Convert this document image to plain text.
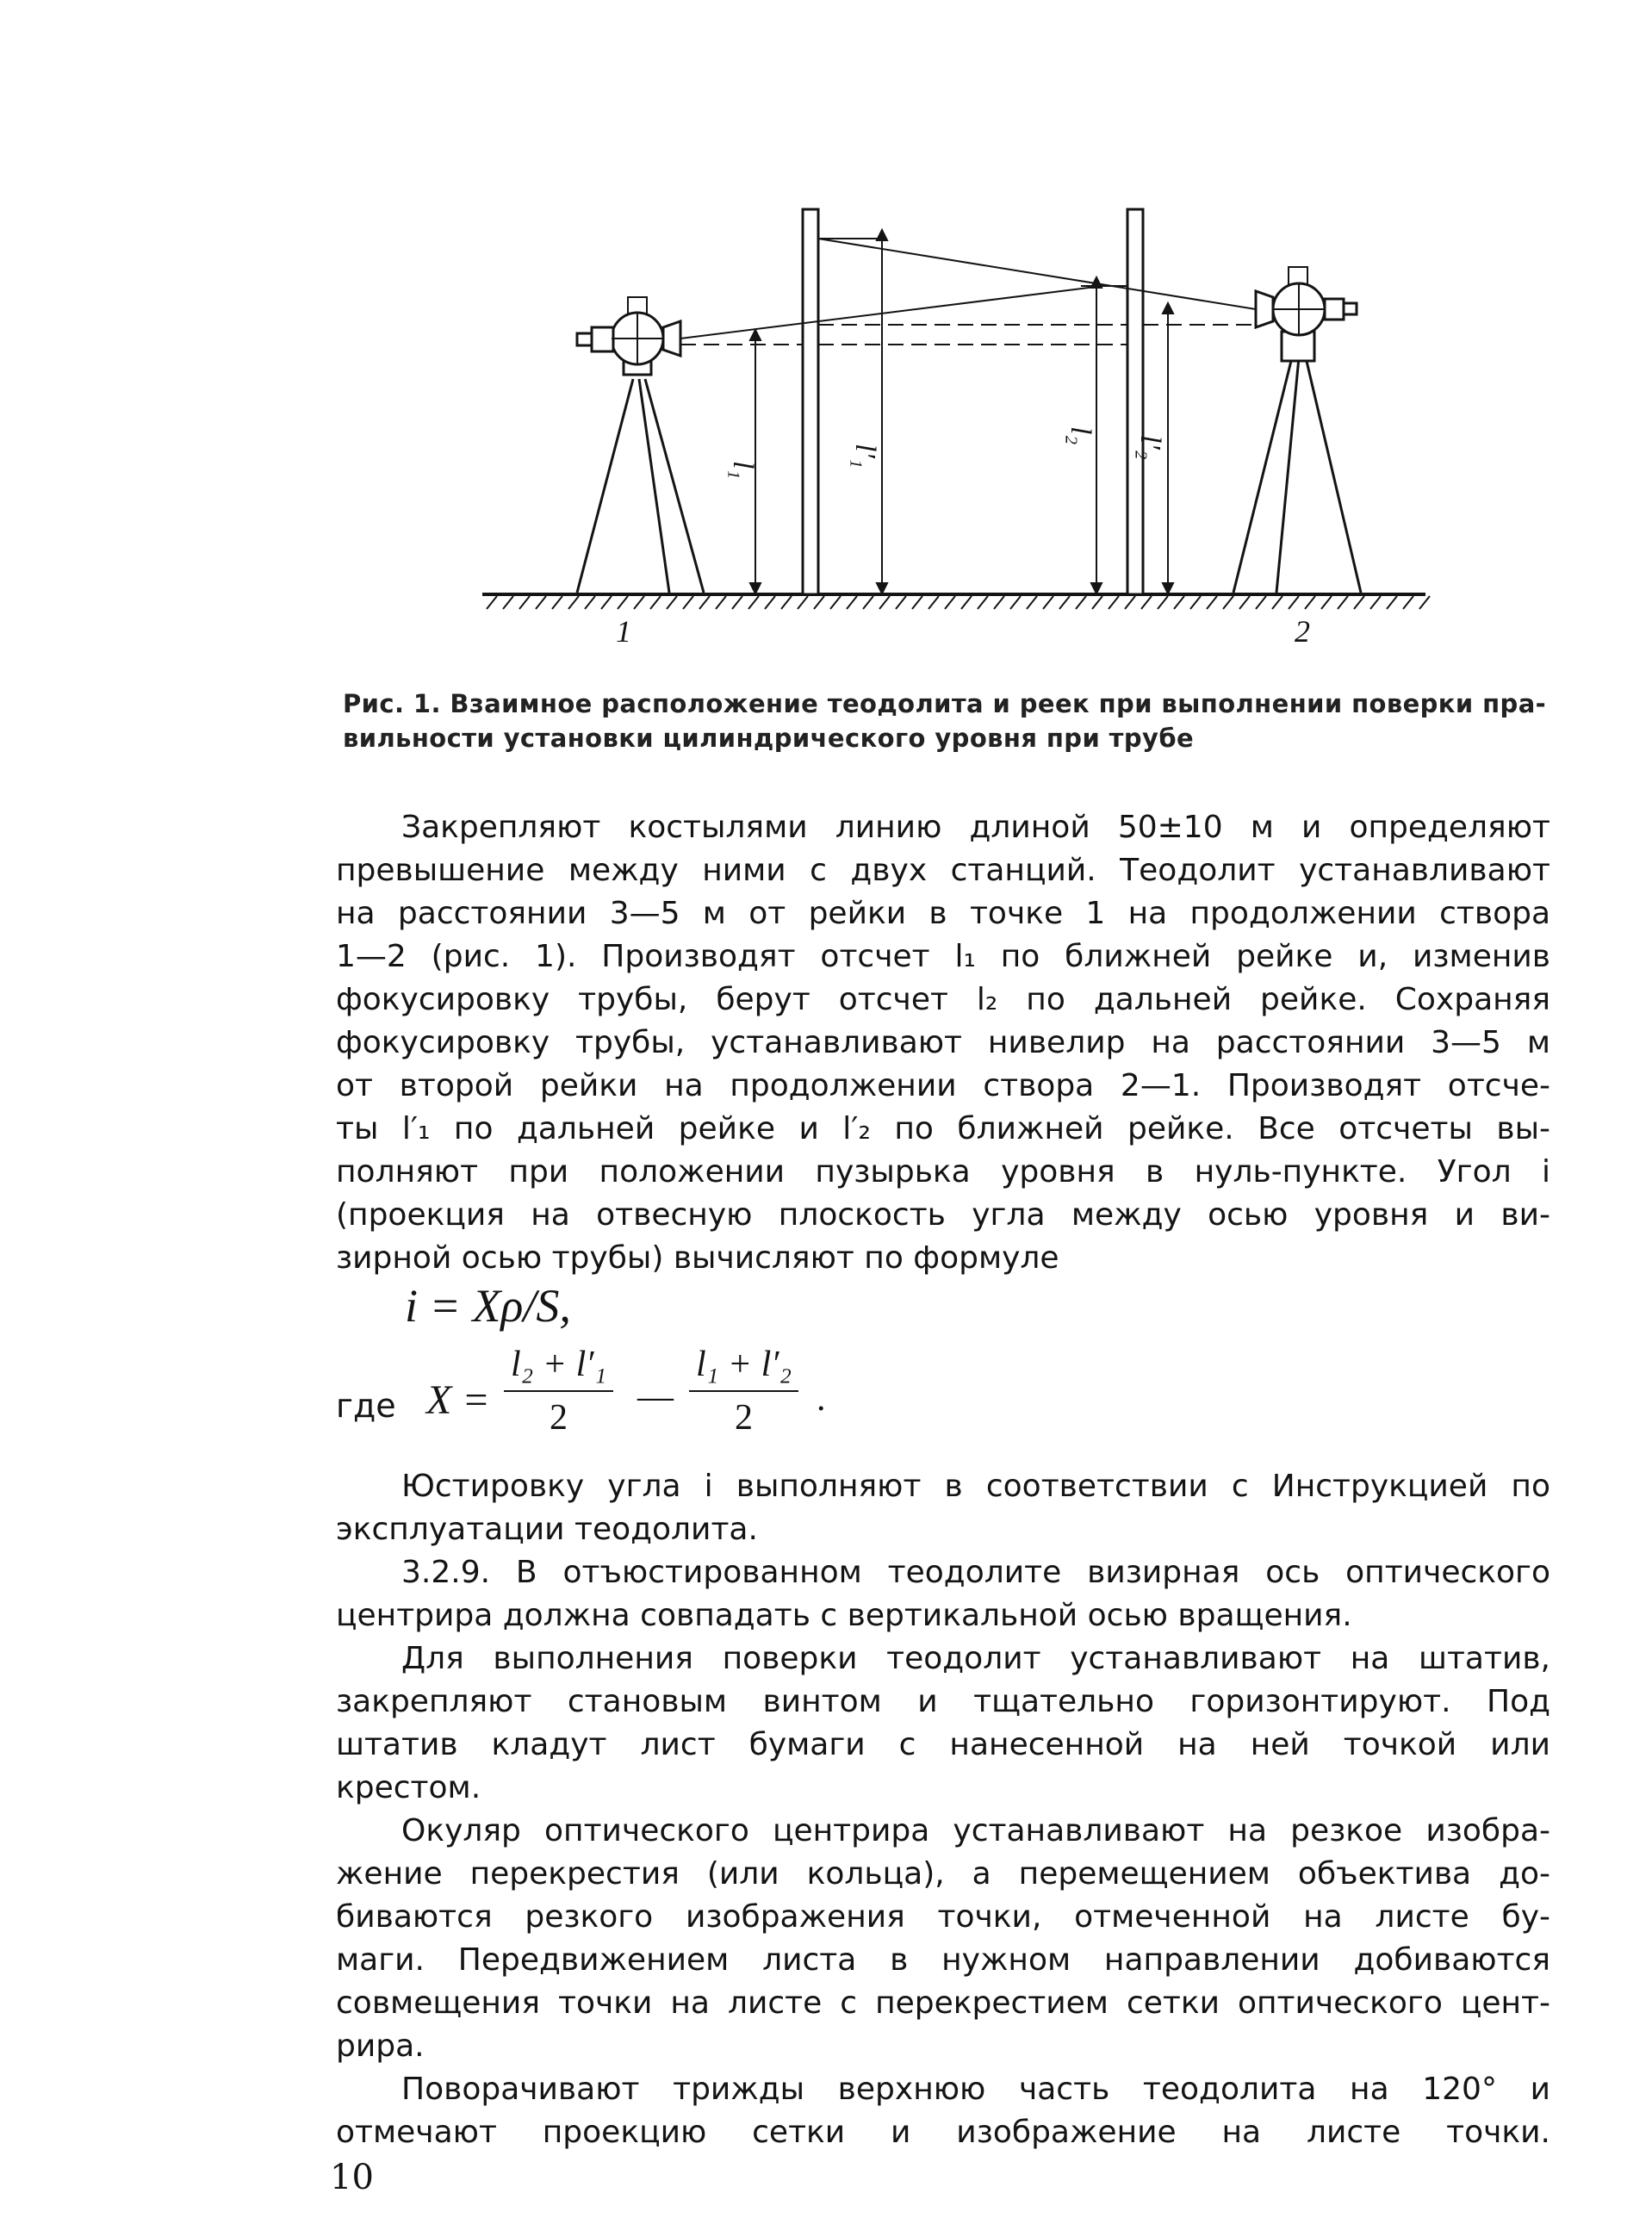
l₁
l′₁
l₂ l′₂
1	2
Рис. 1. Взаимное расположение теодолита и реек при выполнении поверки пра-
вильности установки цилиндрического уровня при трубе
Закрепляют костылями линию длиной 50±10 м и определяют
превышение между ними с двух станций. Теодолит устанавливают
на расстоянии 3—5 м от рейки в точке 1 на продолжении створа
1—2 (рис. 1). Производят отсчет l₁ по ближней рейке и, изменив
фокусировку трубы, берут отсчет l₂ по дальней рейке. Сохраняя
фокусировку трубы, устанавливают нивелир на расстоянии 3—5 м
от второй рейки на продолжении створа 2—1. Производят отсче-
ты l′₁ по дальней рейке и l′₂ по ближней рейке. Все отсчеты вы-
полняют при положении пузырька уровня в нуль-пункте. Угол i
(проекция на отвесную плоскость угла между осью уровня и ви-
зирной осью трубы) вычисляют по формуле
i = Xρ/S,
где $X = \frac{\text{l₂ + l′₁}}{2}$ — $\frac{\text{l₁ + l′₂}}{2}$ .
Юстировку угла i выполняют в соответствии с Инструкцией по
эксплуатации теодолита.
3.2.9. В отъюстированном теодолите визирная ось оптического
центрира должна совпадать с вертикальной осью вращения.
Для выполнения поверки теодолит устанавливают на штатив,
закрепляют становым винтом и тщательно горизонтируют. Под
штатив кладут лист бумаги с нанесенной на ней точкой или
крестом.
Окуляр оптического центрира устанавливают на резкое изобра-
жение перекрестия (или кольца), а перемещением объектива до-
биваются резкого изображения точки, отмеченной на листе бу-
маги. Передвижением листа в нужном направлении добиваются
совмещения точки на листе с перекрестием сетки оптического цент-
рира.
Поворачивают трижды верхнюю часть теодолита на 120° и
отмечают проекцию сетки и изображение на листе точки.
10
